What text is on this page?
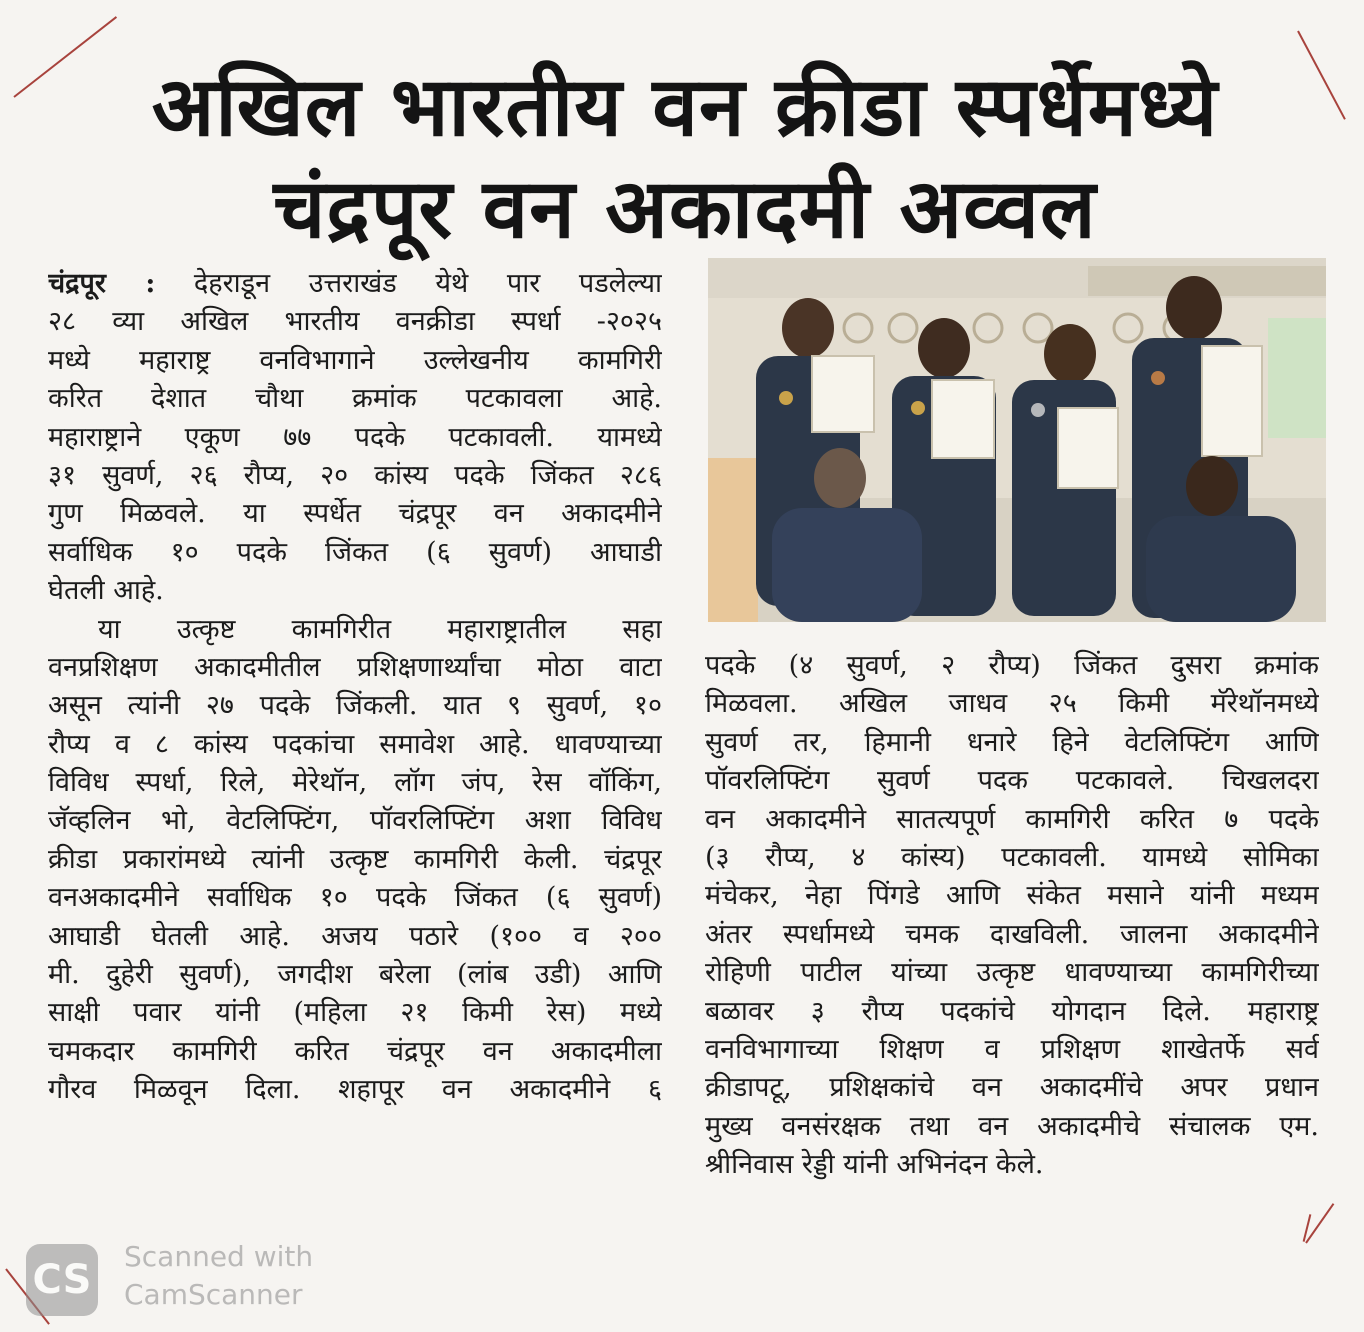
अखिल भारतीय वन क्रीडा स्पर्धेमध्ये
चंद्रपूर वन अकादमी अव्वल
चंद्रपूर : देहराडून उत्तराखंड येथे पार पडलेल्या
२८ व्या अखिल भारतीय वनक्रीडा स्पर्धा -२०२५
मध्ये महाराष्ट्र वनविभागाने उल्लेखनीय कामगिरी
करित देशात चौथा क्रमांक पटकावला आहे.
महाराष्ट्राने एकूण ७७ पदके पटकावली. यामध्ये
३१ सुवर्ण, २६ रौप्य, २० कांस्य पदके जिंकत २८६
गुण मिळवले. या स्पर्धेत चंद्रपूर वन अकादमीने
सर्वाधिक १० पदके जिंकत (६ सुवर्ण) आघाडी
घेतली आहे.
या उत्कृष्ट कामगिरीत महाराष्ट्रातील सहा
वनप्रशिक्षण अकादमीतील प्रशिक्षणार्थ्यांचा मोठा वाटा
असून त्यांनी २७ पदके जिंकली. यात ९ सुवर्ण, १०
रौप्य व ८ कांस्य पदकांचा समावेश आहे. धावण्याच्या
विविध स्पर्धा, रिले, मेरेथॉन, लॉग जंप, रेस वॉकिंग,
जॅव्हलिन भो, वेटलिफ्टिंग, पॉवरलिफ्टिंग अशा विविध
क्रीडा प्रकारांमध्ये त्यांनी उत्कृष्ट कामगिरी केली. चंद्रपूर
वनअकादमीने सर्वाधिक १० पदके जिंकत (६ सुवर्ण)
आघाडी घेतली आहे. अजय पठारे (१०० व २००
मी. दुहेरी सुवर्ण), जगदीश बरेला (लांब उडी) आणि
साक्षी पवार यांनी (महिला २१ किमी रेस) मध्ये
चमकदार कामगिरी करित चंद्रपूर वन अकादमीला
गौरव मिळवून दिला. शहापूर वन अकादमीने ६
पदके (४ सुवर्ण, २ रौप्य) जिंकत दुसरा क्रमांक
मिळवला. अखिल जाधव २५ किमी मॅरेथॉनमध्ये
सुवर्ण तर, हिमानी धनारे हिने वेटलिफ्टिंग आणि
पॉवरलिफ्टिंग सुवर्ण पदक पटकावले. चिखलदरा
वन अकादमीने सातत्यपूर्ण कामगिरी करित ७ पदके
(३ रौप्य, ४ कांस्य) पटकावली. यामध्ये सोमिका
मंचेकर, नेहा पिंगडे आणि संकेत मसाने यांनी मध्यम
अंतर स्पर्धामध्ये चमक दाखविली. जालना अकादमीने
रोहिणी पाटील यांच्या उत्कृष्ट धावण्याच्या कामगिरीच्या
बळावर ३ रौप्य पदकांचे योगदान दिले. महाराष्ट्र
वनविभागाच्या शिक्षण व प्रशिक्षण शाखेतर्फे सर्व
क्रीडापटू, प्रशिक्षकांचे वन अकादमींचे अपर प्रधान
मुख्य वनसंरक्षक तथा वन अकादमीचे संचालक एम.
श्रीनिवास रेड्डी यांनी अभिनंदन केले.
CS
Scanned with
CamScanner
